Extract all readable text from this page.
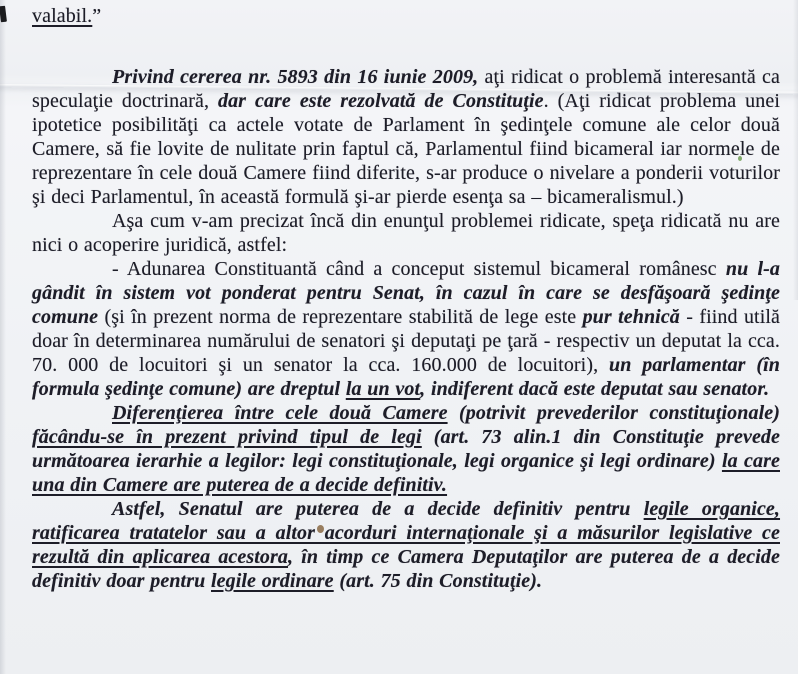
valabil.”

Privind cererea nr. 5893 din 16 iunie 2009, aţi ridicat o problemă interesantă ca speculaţie doctrinară, dar care este rezolvată de Constituţie. (Aţi ridicat problema unei ipotetice posibilităţi ca actele votate de Parlament în şedinţele comune ale celor două Camere, să fie lovite de nulitate prin faptul că, Parlamentul fiind bicameral iar normele de reprezentare în cele două Camere fiind diferite, s-ar produce o nivelare a ponderii voturilor şi deci Parlamentul, în această formulă şi-ar pierde esenţa sa – bicameralismul.)

Aşa cum v-am precizat încă din enunţul problemei ridicate, speţa ridicată nu are nici o acoperire juridică, astfel:

- Adunarea Constituantă când a conceput sistemul bicameral românesc nu l-a gândit în sistem vot ponderat pentru Senat, în cazul în care se desfăşoară şedinţe comune (şi în prezent norma de reprezentare stabilită de lege este pur tehnică - fiind utilă doar în determinarea numărului de senatori şi deputaţi pe ţară - respectiv un deputat la cca. 70. 000 de locuitori şi un senator la cca. 160.000 de locuitori), un parlamentar (în formula şedinţe comune) are dreptul la un vot, indiferent dacă este deputat sau senator.

Diferenţierea între cele două Camere (potrivit prevederilor constituţionale) făcându-se în prezent privind tipul de legi (art. 73 alin.1 din Constituţie prevede următoarea ierarhie a legilor: legi constituţionale, legi organice şi legi ordinare) la care una din Camere are puterea de a decide definitiv.

Astfel, Senatul are puterea de a decide definitiv pentru legile organice, ratificarea tratatelor sau a altor acorduri internaţionale şi a măsurilor legislative ce rezultă din aplicarea acestora, în timp ce Camera Deputaţilor are puterea de a decide definitiv doar pentru legile ordinare (art. 75 din Constituţie).
